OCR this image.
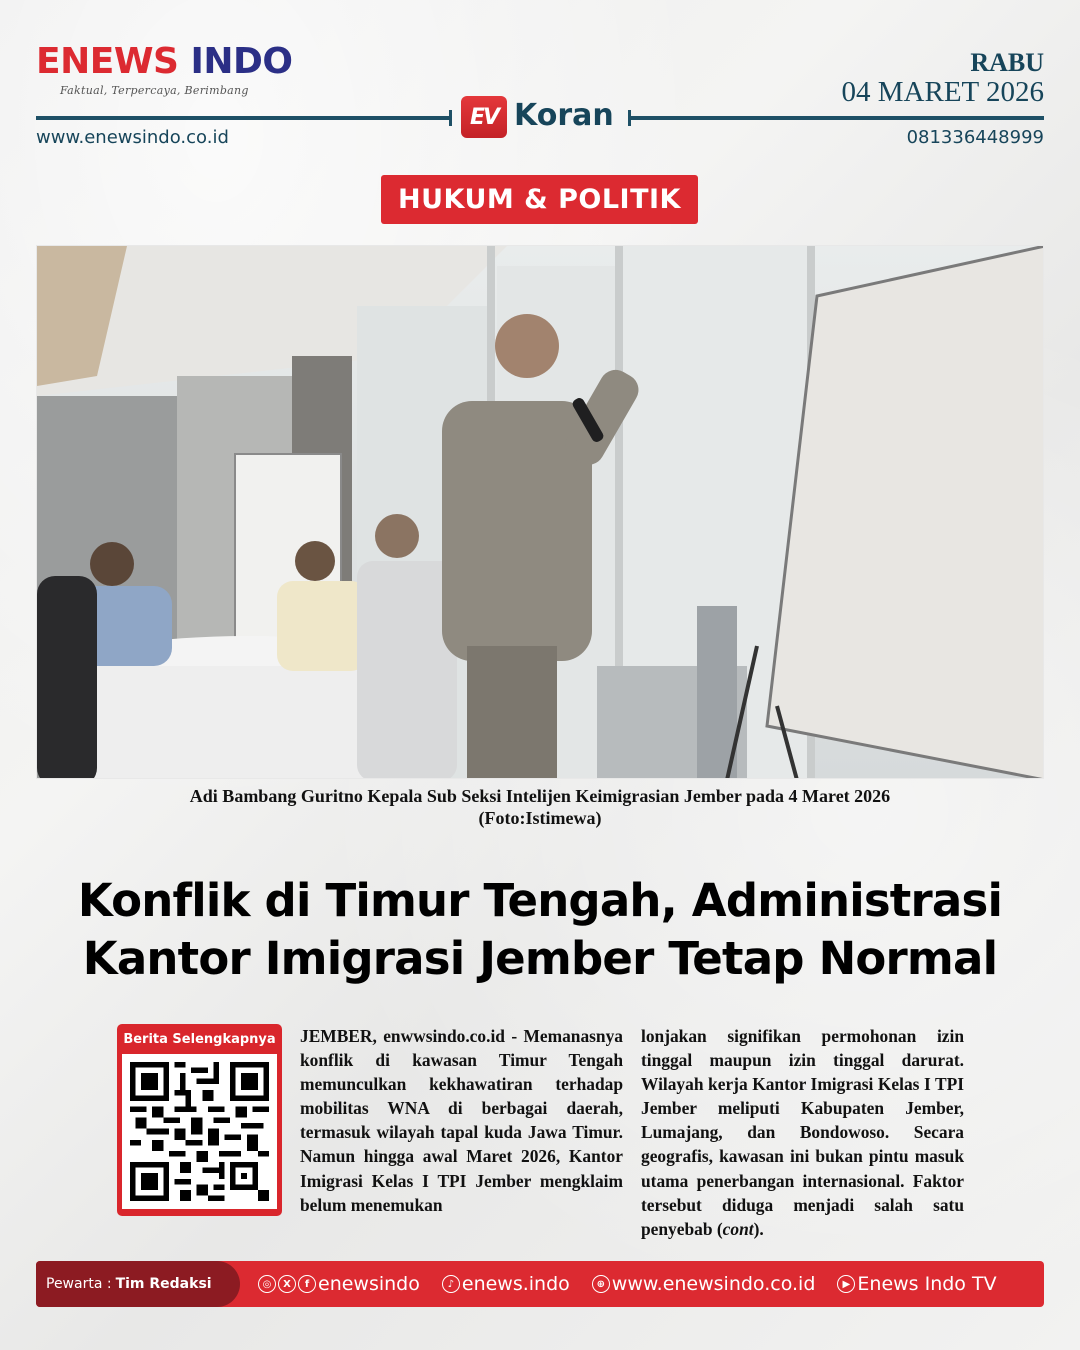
ENEWS INDO
Faktual, Terpercaya, Berimbang
www.enewsindo.co.id
EV Koran
RABU
04 MARET 2026
081336448999
HUKUM & POLITIK
Adi Bambang Guritno Kepala Sub Seksi Intelijen Keimigrasian Jember pada 4 Maret 2026
(Foto:Istimewa)
Konflik di Timur Tengah, Administrasi
Kantor Imigrasi Jember Tetap Normal
Berita Selengkapnya JEMBER, enwwsindo.co.id - Memanasnya konflik di kawasan Timur Tengah memunculkan kekhawatiran terhadap mobilitas WNA di berbagai daerah, termasuk wilayah tapal kuda Jawa Timur. Namun hingga awal Maret 2026, Kantor Imigrasi Kelas I TPI Jember mengklaim belum menemukan
lonjakan signifikan permohonan izin tinggal maupun izin tinggal darurat. Wilayah kerja Kantor Imigrasi Kelas I TPI Jember meliputi Kabupaten Jember, Lumajang, dan Bondowoso. Secara geografis, kawasan ini bukan pintu masuk utama penerbangan internasional. Faktor tersebut diduga menjadi salah satu penyebab (cont).
Pewarta : Tim Redaksi	◎	X	f enewsindo	♪ enews.indo	⊕ www.enewsindo.co.id	▶ Enews Indo TV
